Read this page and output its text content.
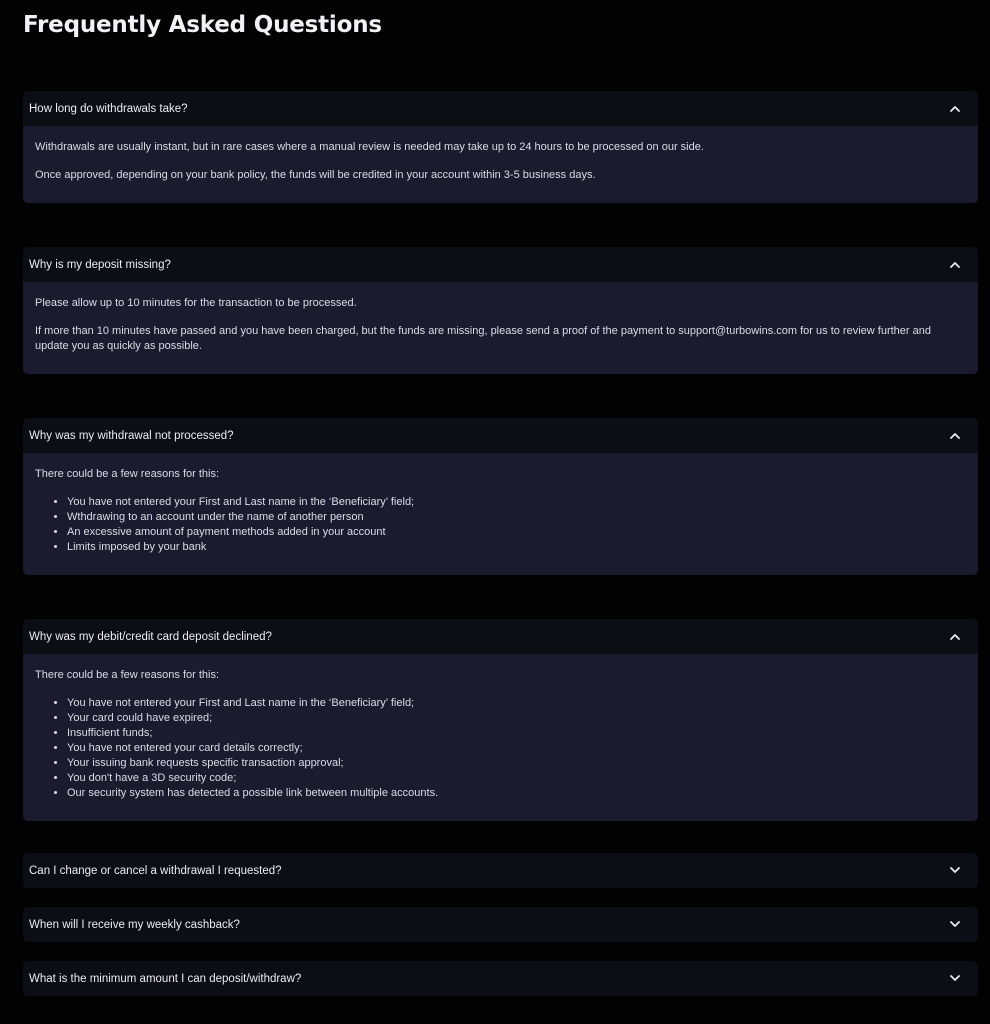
Frequently Asked Questions
How long do withdrawals take?

Withdrawals are usually instant, but in rare cases where a manual review is needed may take up to 24 hours to be processed on our side.

Once approved, depending on your bank policy, the funds will be credited in your account within 3-5 business days.

Why is my deposit missing?

Please allow up to 10 minutes for the transaction to be processed.

If more than 10 minutes have passed and you have been charged, but the funds are missing, please send a proof of the payment to support@turbowins.com for us to review further and update you as quickly as possible.

Why was my withdrawal not processed?

There could be a few reasons for this:

• You have not entered your First and Last name in the ‘Beneficiary’ field;
• Wthdrawing to an account under the name of another person
• An excessive amount of payment methods added in your account
• Limits imposed by your bank
Why was my debit/credit card deposit declined?

There could be a few reasons for this:

• You have not entered your First and Last name in the ‘Beneficiary’ field;
• Your card could have expired;
• Insufficient funds;
• You have not entered your card details correctly;
• Your issuing bank requests specific transaction approval;
• You don't have a 3D security code;
• Our security system has detected a possible link between multiple accounts.
Can I change or cancel a withdrawal I requested?
When will I receive my weekly cashback?
What is the minimum amount I can deposit/withdraw?
